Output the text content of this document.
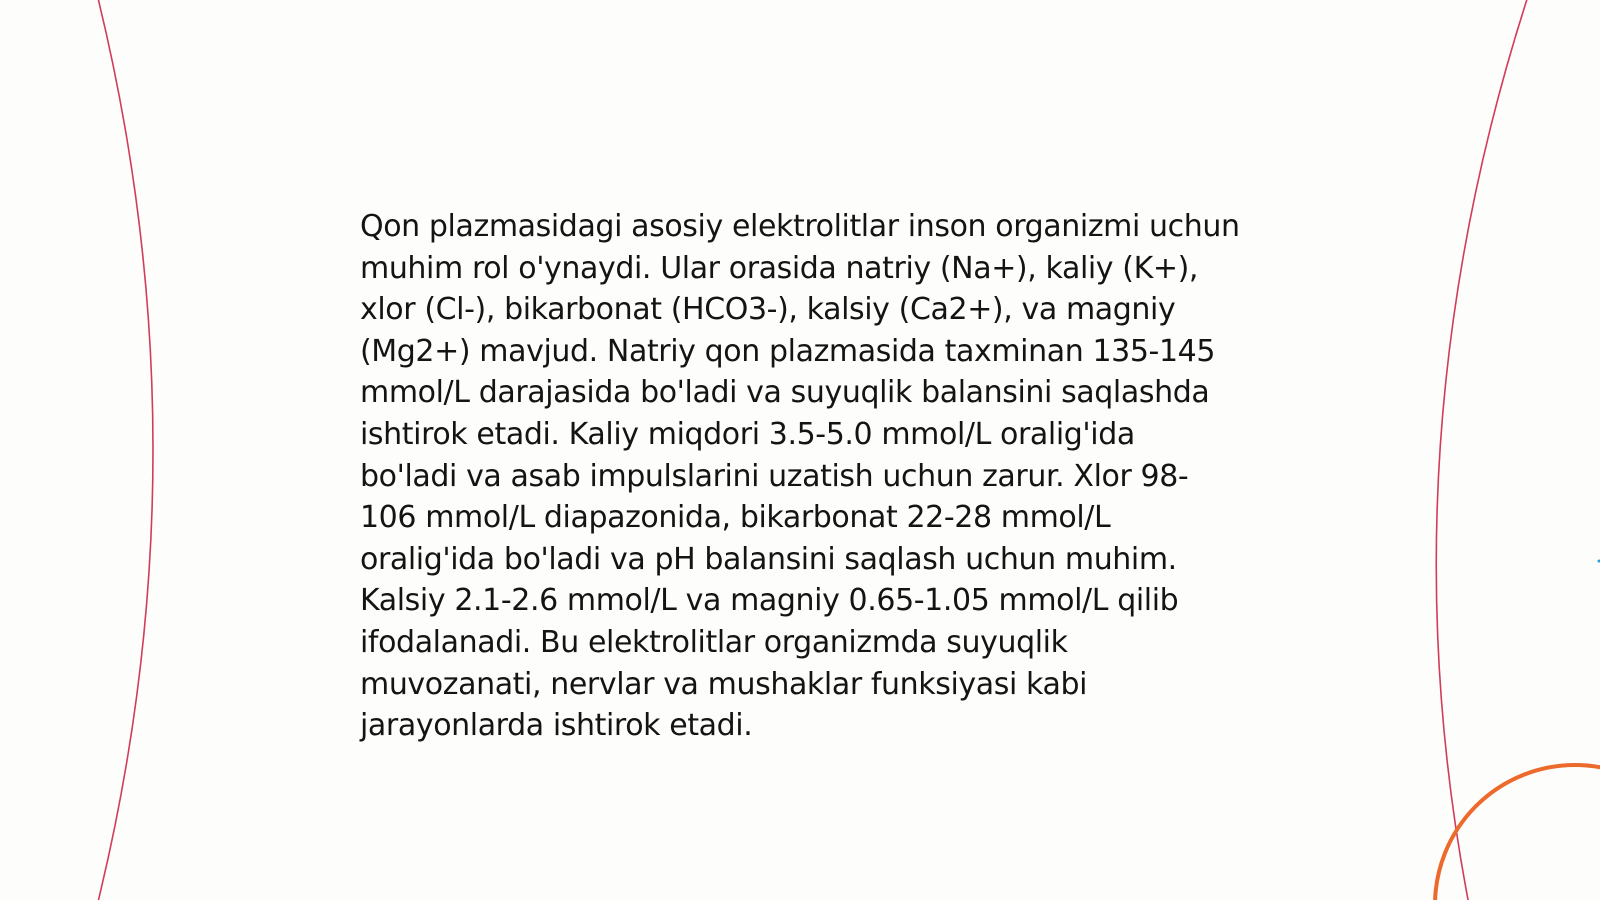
Qon plazmasidagi asosiy elektrolitlar inson organizmi uchun muhim rol o'ynaydi. Ular orasida natriy (Na+), kaliy (K+), xlor (Cl-), bikarbonat (HCO3-), kalsiy (Ca2+), va magniy (Mg2+) mavjud. Natriy qon plazmasida taxminan 135-145 mmol/L darajasida bo'ladi va suyuqlik balansini saqlashda ishtirok etadi. Kaliy miqdori 3.5-5.0 mmol/L oralig'ida bo'ladi va asab impulslarini uzatish uchun zarur. Xlor 98-106 mmol/L diapazonida, bikarbonat 22-28 mmol/L oralig'ida bo'ladi va pH balansini saqlash uchun muhim. Kalsiy 2.1-2.6 mmol/L va magniy 0.65-1.05 mmol/L qilib ifodalanadi. Bu elektrolitlar organizmda suyuqlik muvozanati, nervlar va mushaklar funksiyasi kabi jarayonlarda ishtirok etadi.
